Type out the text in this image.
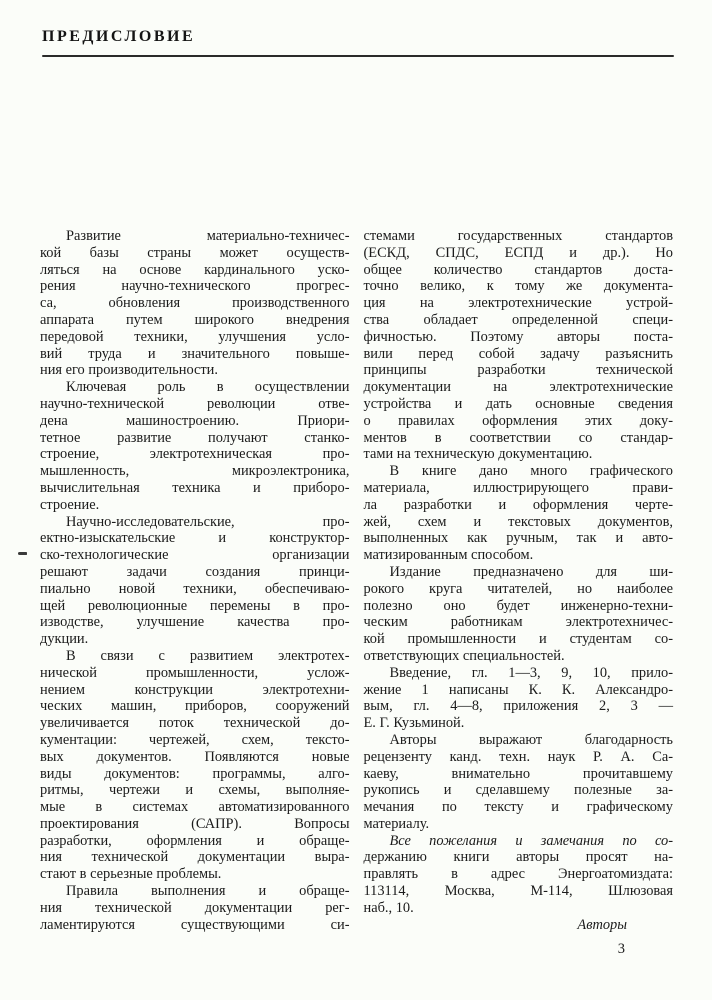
ПРЕДИСЛОВИЕ
Развитие материально-техничес-
кой базы страны может осуществ-
ляться на основе кардинального уско-
рения научно-технического прогрес-
са, обновления производственного
аппарата путем широкого внедрения
передовой техники, улучшения усло-
вий труда и значительного повыше-
ния его производительности.
Ключевая роль в осуществлении
научно-технической революции отве-
дена машиностроению. Приори-
тетное развитие получают станко-
строение, электротехническая про-
мышленность, микроэлектроника,
вычислительная техника и приборо-
строение.
Научно-исследовательские, про-
ектно-изыскательские и конструктор-
ско-технологические организации
решают задачи создания принци-
пиально новой техники, обеспечиваю-
щей революционные перемены в про-
изводстве, улучшение качества про-
дукции.
В связи с развитием электротех-
нической промышленности, услож-
нением конструкции электротехни-
ческих машин, приборов, сооружений
увеличивается поток технической до-
кументации: чертежей, схем, тексто-
вых документов. Появляются новые
виды документов: программы, алго-
ритмы, чертежи и схемы, выполняе-
мые в системах автоматизированного
проектирования (САПР). Вопросы
разработки, оформления и обраще-
ния технической документации выра-
стают в серьезные проблемы.
Правила выполнения и обраще-
ния технической документации рег-
ламентируются существующими си-
стемами государственных стандартов
(ЕСКД, СПДС, ЕСПД и др.). Но
общее количество стандартов доста-
точно велико, к тому же документа-
ция на электротехнические устрой-
ства обладает определенной специ-
фичностью. Поэтому авторы поста-
вили перед собой задачу разъяснить
принципы разработки технической
документации на электротехнические
устройства и дать основные сведения
о правилах оформления этих доку-
ментов в соответствии со стандар-
тами на техническую документацию.
В книге дано много графического
материала, иллюстрирующего прави-
ла разработки и оформления черте-
жей, схем и текстовых документов,
выполненных как ручным, так и авто-
матизированным способом.
Издание предназначено для ши-
рокого круга читателей, но наиболее
полезно оно будет инженерно-техни-
ческим работникам электротехничес-
кой промышленности и студентам со-
ответствующих специальностей.
Введение, гл. 1—3, 9, 10, прило-
жение 1 написаны К. К. Александро-
вым, гл. 4—8, приложения 2, 3 —
Е. Г. Кузьминой.
Авторы выражают благодарность
рецензенту канд. техн. наук Р. А. Са-
каеву, внимательно прочитавшему
рукопись и сделавшему полезные за-
мечания по тексту и графическому
материалу.
Все пожелания и замечания по со-
держанию книги авторы просят на-
правлять в адрес Энергоатомиздата:
113114, Москва, М-114, Шлюзовая
наб., 10.
Авторы
3
